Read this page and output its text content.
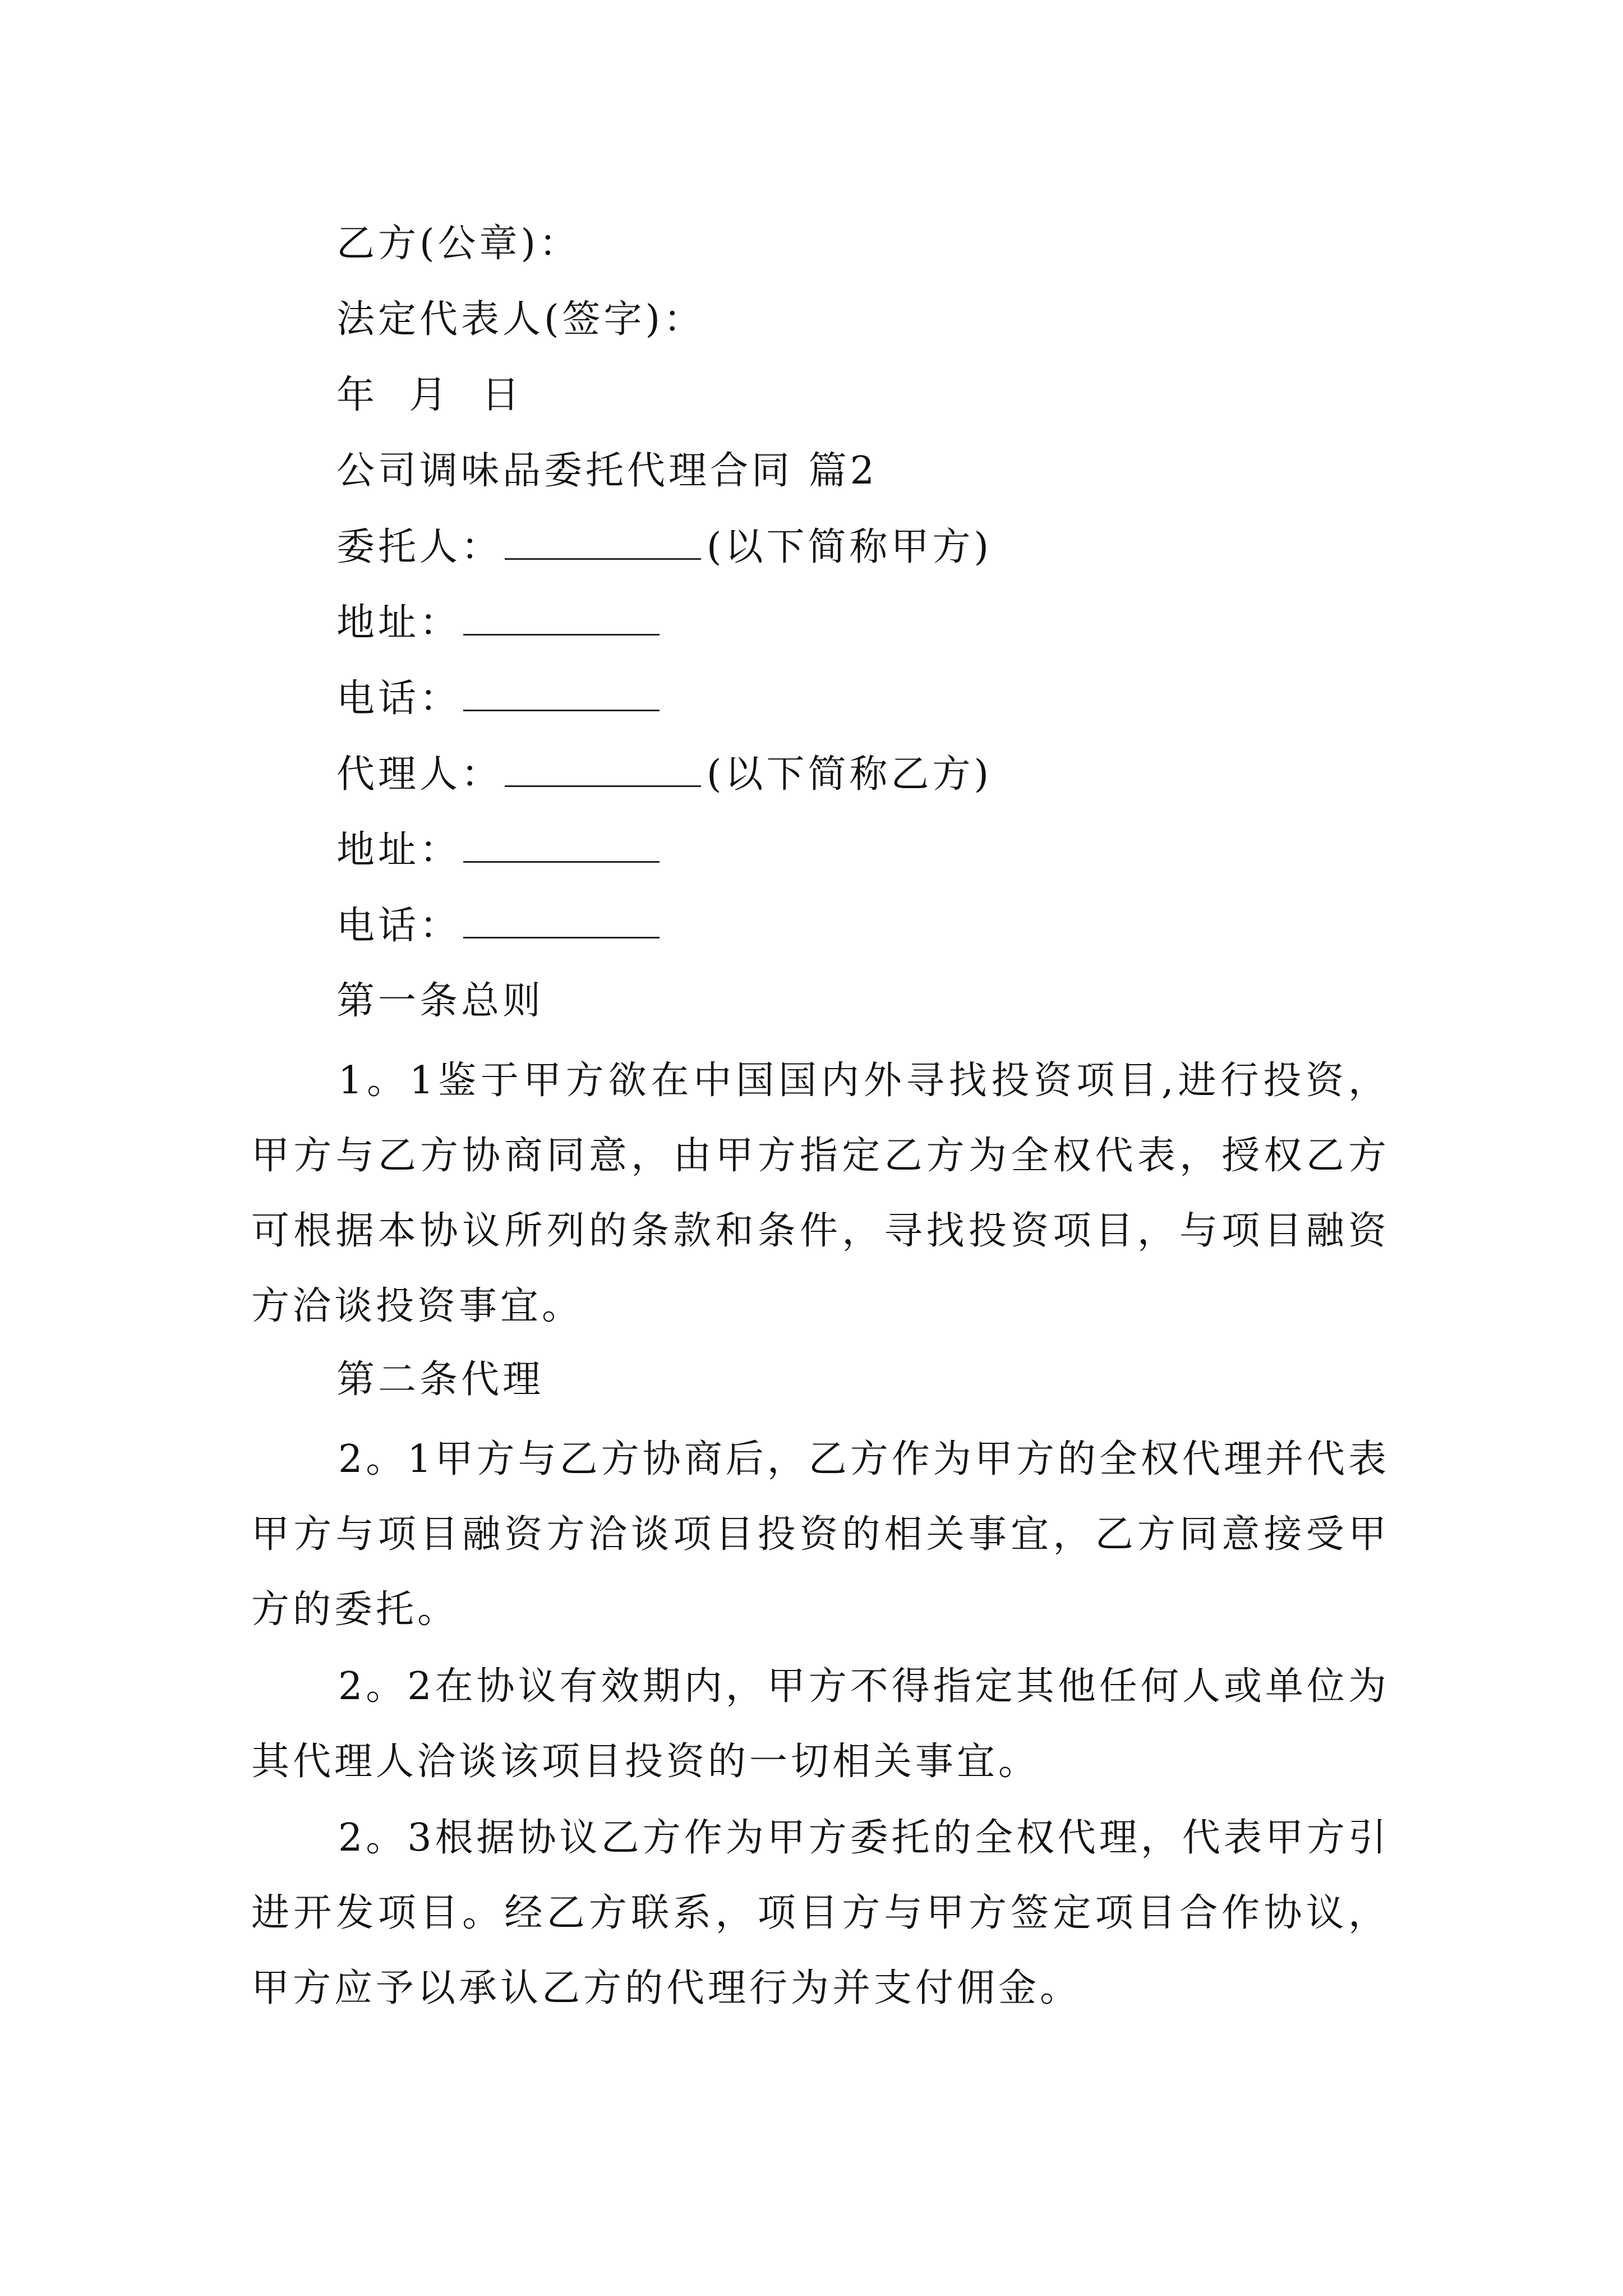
乙方(公章)：
法定代表人(签字)：
年  月  日
公司调味品委托代理合同 篇2
委托人：	(以下简称甲方)
地址：
电话：
代理人：	(以下简称乙方)
地址：
电话：
第一条总则
1。1鉴于甲方欲在中国国内外寻找投资项目,进行投资，甲方与乙方协商同意，由甲方指定乙方为全权代表，授权乙方可根据本协议所列的条款和条件，寻找投资项目，与项目融资方洽谈投资事宜。
第二条代理
2。1甲方与乙方协商后，乙方作为甲方的全权代理并代表甲方与项目融资方洽谈项目投资的相关事宜，乙方同意接受甲方的委托。
2。2在协议有效期内，甲方不得指定其他任何人或单位为其代理人洽谈该项目投资的一切相关事宜。
2。3根据协议乙方作为甲方委托的全权代理，代表甲方引进开发项目。经乙方联系，项目方与甲方签定项目合作协议，甲方应予以承认乙方的代理行为并支付佣金。
